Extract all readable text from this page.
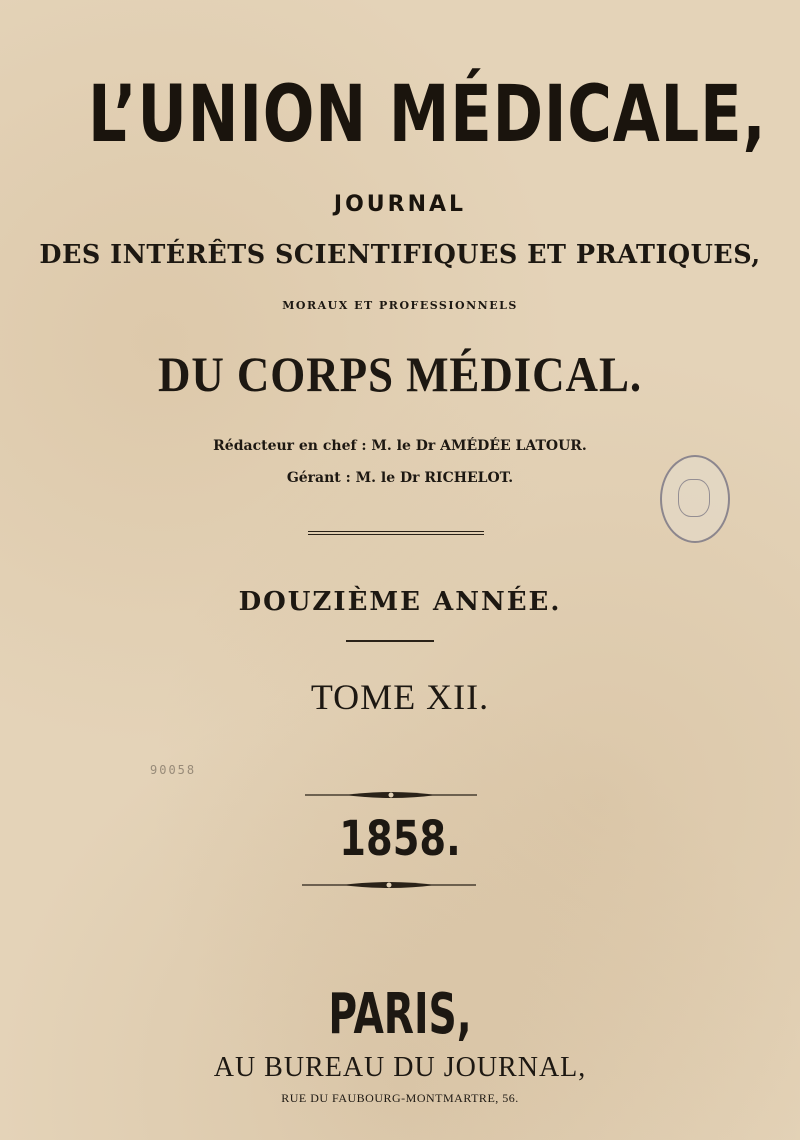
L’UNION MÉDICALE,
JOURNAL
DES INTÉRÊTS SCIENTIFIQUES ET PRATIQUES,
MORAUX ET PROFESSIONNELS
DU CORPS MÉDICAL.
Rédacteur en chef : M. le Dr AMÉDÉE LATOUR.
Gérant : M. le Dr RICHELOT.
DOUZIÈME ANNÉE.
TOME XII.
90058
1858.
PARIS,
AU BUREAU DU JOURNAL,
RUE DU FAUBOURG-MONTMARTRE, 56.
